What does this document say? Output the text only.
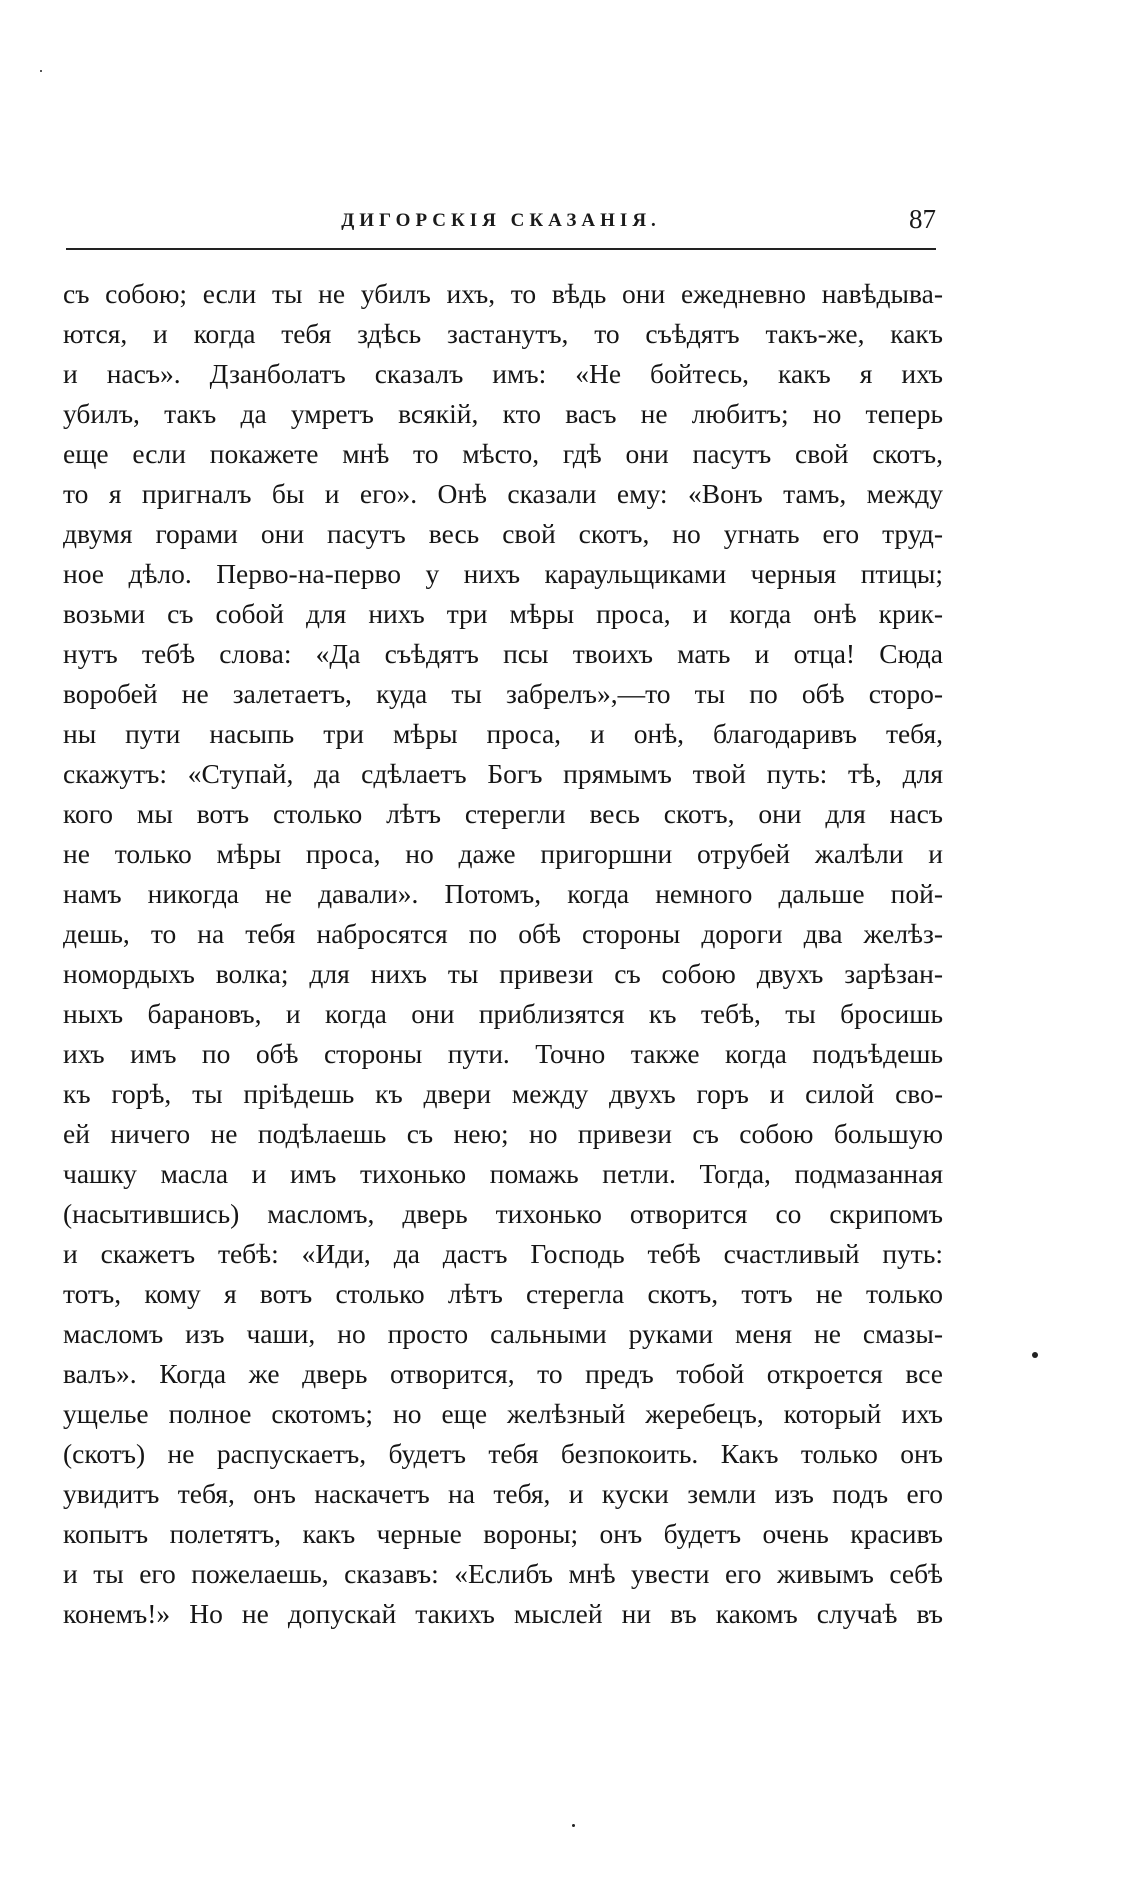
ДИГОРСКІЯ СКАЗАНІЯ.	87
съ собою; если ты не убилъ ихъ, то вѣдь они ежедневно навѣдыва-
ются, и когда тебя здѣсь застанутъ, то съѣдятъ такъ-же, какъ
и насъ». Дзанболатъ сказалъ имъ: «Не бойтесь, какъ я ихъ
убилъ, такъ да умретъ всякій, кто васъ не любитъ; но теперь
еще если покажете мнѣ то мѣсто, гдѣ они пасутъ свой скотъ,
то я пригналъ бы и его». Онѣ сказали ему: «Вонъ тамъ, между
двумя горами они пасутъ весь свой скотъ, но угнать его труд-
ное дѣло. Перво-на-перво у нихъ караульщиками черныя птицы;
возьми съ собой для нихъ три мѣры проса, и когда онѣ крик-
нутъ тебѣ слова: «Да съѣдятъ псы твоихъ мать и отца! Сюда
воробей не залетаетъ, куда ты забрелъ»,—то ты по обѣ сторо-
ны пути насыпь три мѣры проса, и онѣ, благодаривъ тебя,
скажутъ: «Ступай, да сдѣлаетъ Богъ прямымъ твой путь: тѣ, для
кого мы вотъ столько лѣтъ стерегли весь скотъ, они для насъ
не только мѣры проса, но даже пригоршни отрубей жалѣли и
намъ никогда не давали». Потомъ, когда немного дальше пой-
дешь, то на тебя набросятся по обѣ стороны дороги два желѣз-
номордыхъ волка; для нихъ ты привези съ собою двухъ зарѣзан-
ныхъ барановъ, и когда они приблизятся къ тебѣ, ты бросишь
ихъ имъ по обѣ стороны пути. Точно также когда подъѣдешь
къ горѣ, ты пріѣдешь къ двери между двухъ горъ и силой сво-
ей ничего не подѣлаешь съ нею; но привези съ собою большую
чашку масла и имъ тихонько помажь петли. Тогда, подмазанная
(насытившись) масломъ, дверь тихонько отворится со скрипомъ
и скажетъ тебѣ: «Иди, да дастъ Господь тебѣ счастливый путь:
тотъ, кому я вотъ столько лѣтъ стерегла скотъ, тотъ не только
масломъ изъ чаши, но просто сальными руками меня не смазы-
валъ». Когда же дверь отворится, то предъ тобой откроется все
ущелье полное скотомъ; но еще желѣзный жеребецъ, который ихъ
(скотъ) не распускаетъ, будетъ тебя безпокоить. Какъ только онъ
увидитъ тебя, онъ наскачетъ на тебя, и куски земли изъ подъ его
копытъ полетятъ, какъ черные вороны; онъ будетъ очень красивъ
и ты его пожелаешь, сказавъ: «Еслибъ мнѣ увести его живымъ себѣ
конемъ!» Но не допускай такихъ мыслей ни въ какомъ случаѣ въ
